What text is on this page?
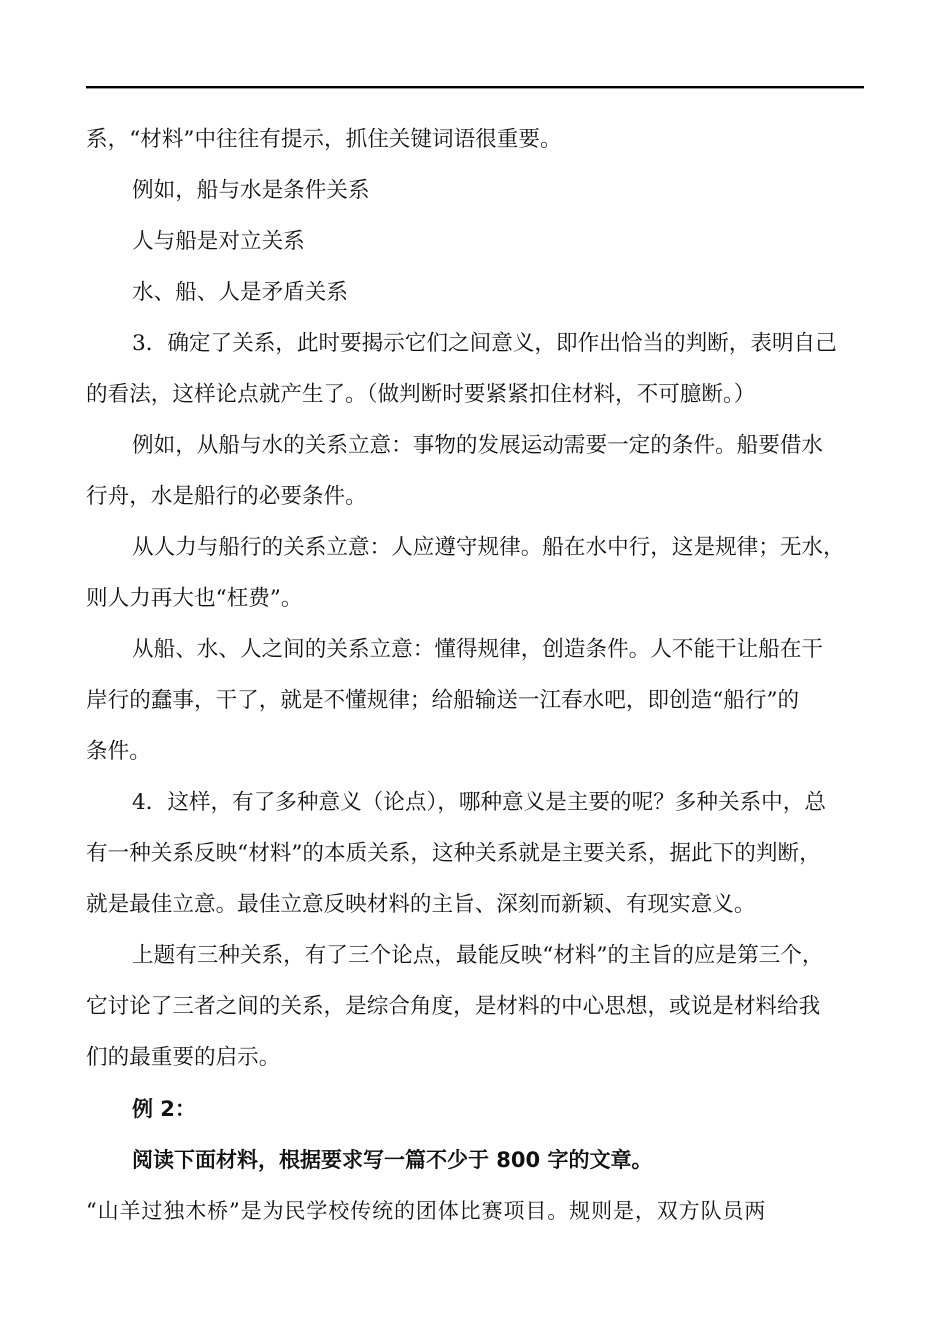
系，“材料”中往往有提示，抓住关键词语很重要。
例如，船与水是条件关系
人与船是对立关系
水、船、人是矛盾关系
3．确定了关系，此时要揭示它们之间意义，即作出恰当的判断，表明自己
的看法，这样论点就产生了。（做判断时要紧紧扣住材料，不可臆断。）
例如，从船与水的关系立意：事物的发展运动需要一定的条件。船要借水
行舟，水是船行的必要条件。
从人力与船行的关系立意：人应遵守规律。船在水中行，这是规律；无水，
则人力再大也“枉费”。
从船、水、人之间的关系立意：懂得规律，创造条件。人不能干让船在干
岸行的蠢事，干了，就是不懂规律；给船输送一江春水吧，即创造“船行”的
条件。
4．这样，有了多种意义（论点），哪种意义是主要的呢？多种关系中，总
有一种关系反映“材料”的本质关系，这种关系就是主要关系，据此下的判断，
就是最佳立意。最佳立意反映材料的主旨、深刻而新颖、有现实意义。
上题有三种关系，有了三个论点，最能反映“材料”的主旨的应是第三个，
它讨论了三者之间的关系，是综合角度，是材料的中心思想，或说是材料给我
们的最重要的启示。
例 2：
阅读下面材料，根据要求写一篇不少于 800 字的文章。
“山羊过独木桥”是为民学校传统的团体比赛项目。规则是，双方队员两
